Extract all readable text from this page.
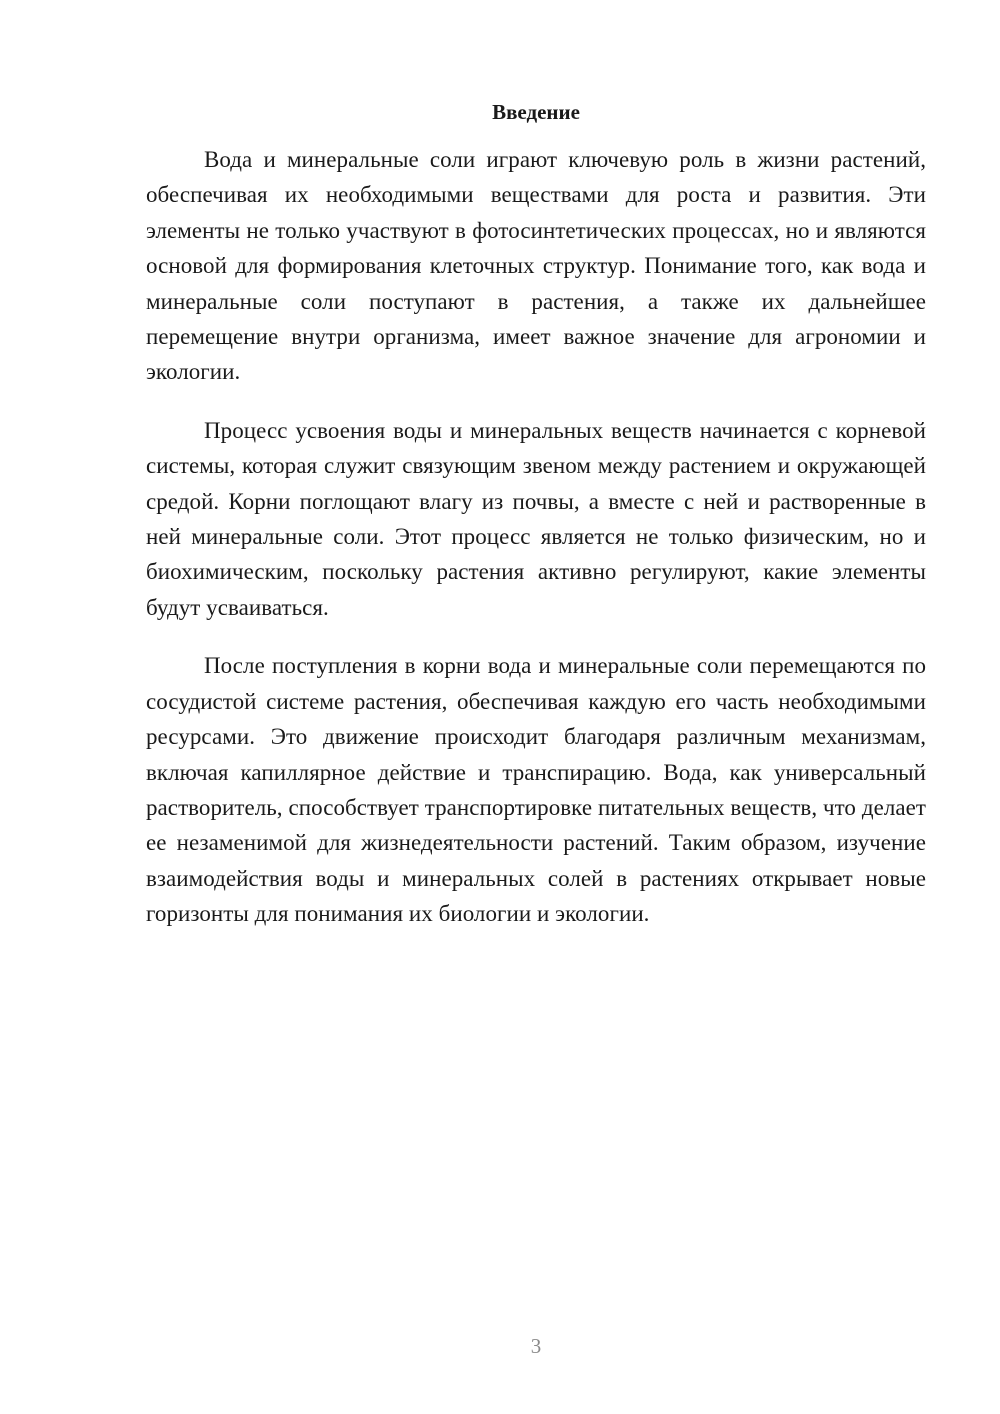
Введение

Вода и минеральные соли играют ключевую роль в жизни растений, обеспечивая их необходимыми веществами для роста и развития. Эти элементы не только участвуют в фотосинтетических процессах, но и являются основой для формирования клеточных структур. Понимание того, как вода и минеральные соли поступают в растения, а также их дальнейшее перемещение внутри организма, имеет важное значение для агрономии и экологии.

Процесс усвоения воды и минеральных веществ начинается с корневой системы, которая служит связующим звеном между растением и окружающей средой. Корни поглощают влагу из почвы, а вместе с ней и растворенные в ней минеральные соли. Этот процесс является не только физическим, но и биохимическим, поскольку растения активно регулируют, какие элементы будут усваиваться.

После поступления в корни вода и минеральные соли перемещаются по сосудистой системе растения, обеспечивая каждую его часть необходимыми ресурсами. Это движение происходит благодаря различным механизмам, включая капиллярное действие и транспирацию. Вода, как универсальный растворитель, способствует транспортировке питательных веществ, что делает ее незаменимой для жизнедеятельности растений. Таким образом, изучение взаимодействия воды и минеральных солей в растениях открывает новые горизонты для понимания их биологии и экологии.

3
